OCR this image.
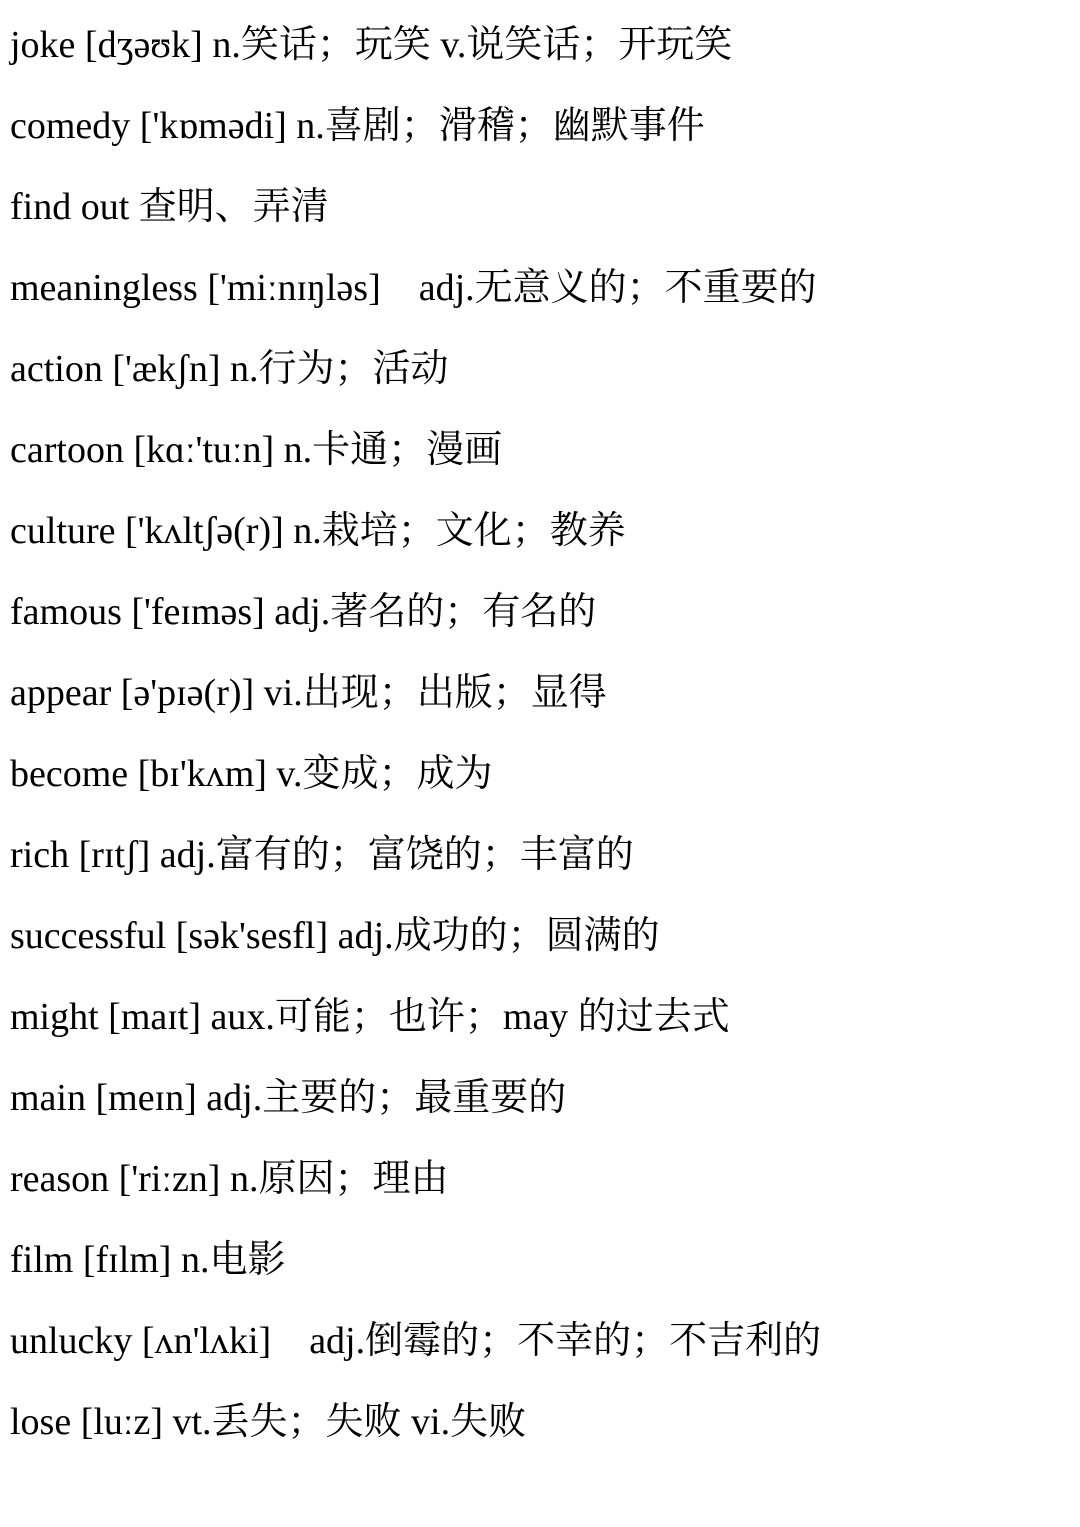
joke [dʒəʊk] n.笑话；玩笑 v.说笑话；开玩笑
comedy ['kɒmədi] n.喜剧；滑稽；幽默事件
find out 查明、弄清
meaningless ['miːnɪŋləs]    adj.无意义的；不重要的
action ['ækʃn] n.行为；活动
cartoon [kɑː'tuːn] n.卡通；漫画
culture ['kʌltʃə(r)] n.栽培；文化；教养
famous ['feɪməs] adj.著名的；有名的
appear [ə'pɪə(r)] vi.出现；出版；显得
become [bɪ'kʌm] v.变成；成为
rich [rɪtʃ] adj.富有的；富饶的；丰富的
successful [sək'sesfl] adj.成功的；圆满的
might [maɪt] aux.可能；也许；may 的过去式
main [meɪn] adj.主要的；最重要的
reason ['riːzn] n.原因；理由
film [fɪlm] n.电影
unlucky [ʌn'lʌki]    adj.倒霉的；不幸的；不吉利的
lose [luːz] vt.丢失；失败 vi.失败
